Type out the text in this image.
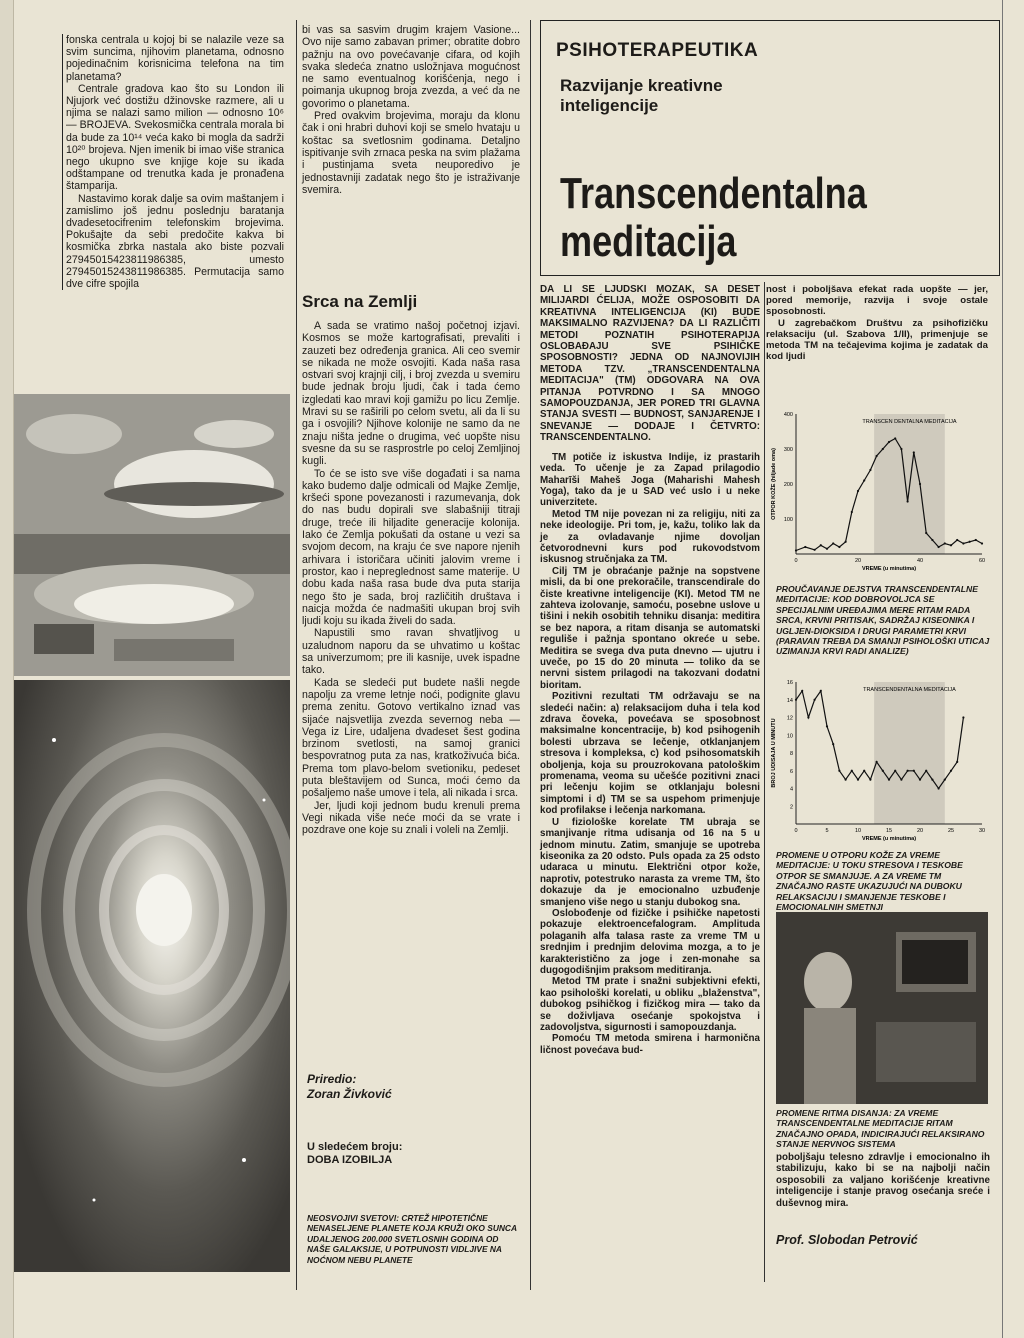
fonska centrala u kojoj bi se nalazile veze sa svim suncima, njihovim planetama, odnosno pojedinačnim korisnicima telefona na tim planetama?

Centrale gradova kao što su London ili Njujork već dostižu džinovske razmere, ali u njima se nalazi samo milion — odnosno 10⁶ — BROJEVA. Svekosmička centrala morala bi da bude za 10¹⁴ veća kako bi mogla da sadrži 10²⁰ brojeva. Njen imenik bi imao više stranica nego ukupno sve knjige koje su ikada odštampane od trenutka kada je pronađena štamparija.

Nastavimo korak dalje sa ovim maštanjem i zamislimo još jednu poslednju baratanja dvadesetocifrenim telefonskim brojevima. Pokušajte da sebi predočite kakva bi kosmička zbrka nastala ako biste pozvali 27945015423811986385, umesto 27945015243811986385. Permutacija samo dve cifre spojila

bi vas sa sasvim drugim krajem Vasione... Ovo nije samo zabavan primer; obratite dobro pažnju na ovo povećavanje cifara, od kojih svaka sledeća znatno usložnjava mogućnost ne samo eventualnog korišćenja, nego i poimanja ukupnog broja zvezda, a već da ne govorimo o planetama.

Pred ovakvim brojevima, moraju da klonu čak i oni hrabri duhovi koji se smelo hvataju u koštac sa svetlosnim godinama. Detaljno ispitivanje svih zrnaca peska na svim plažama i pustinjama sveta neuporedivo je jednostavniji zadatak nego što je istraživanje svemira.

Srca na Zemlji

A sada se vratimo našoj početnoj izjavi. Kosmos se može kartografisati, prevaliti i zauzeti bez određenja granica. Ali ceo svemir se nikada ne može osvojiti. Kada naša rasa ostvari svoj krajnji cilj, i broj zvezda u svemiru bude jednak broju ljudi, čak i tada ćemo izgledati kao mravi koji gamižu po licu Zemlje. Mravi su se raširili po celom svetu, ali da li su ga i osvojili? Njihove kolonije ne samo da ne znaju ništa jedne o drugima, već uopšte nisu svesne da su se rasprostrle po celoj Zemljinoj kugli.

To će se isto sve više događati i sa nama kako budemo dalje odmicali od Majke Zemlje, kršeći spone povezanosti i razumevanja, dok do nas budu dopirali sve slabašniji titraji druge, treće ili hiljadite generacije kolonija. Iako će Zemlja pokušati da ostane u vezi sa svojom decom, na kraju će sve napore njenih arhivara i istoričara učiniti jalovim vreme i prostor, kao i nepreglednost same materije. U dobu kada naša rasa bude dva puta starija nego što je sada, broj različitih društava i naicja možda će nadmašiti ukupan broj svih ljudi koju su ikada živeli do sada.

Napustili smo ravan shvatljivog u uzaludnom naporu da se uhvatimo u koštac sa univerzumom; pre ili kasnije, uvek ispadne tako.

Kada se sledeći put budete našli negde napolju za vreme letnje noći, podignite glavu prema zenitu. Gotovo vertikalno iznad vas sijaće najsvetlija zvezda severnog neba — Vega iz Lire, udaljena dvadeset šest godina brzinom svetlosti, na samoj granici bespovratnog puta za nas, kratkoživuća bića. Prema tom plavo-belom svetioniku, pedeset puta bleštavijem od Sunca, moći ćemo da pošaljemo naše umove i tela, ali nikada i srca.

Jer, ljudi koji jednom budu krenuli prema Vegi nikada više neće moći da se vrate i pozdrave one koje su znali i voleli na Zemlji.

Priredio:
Zoran Živković
U sledećem broju:
DOBA IZOBILJA
NEOSVOJIVI SVETOVI: CRTEŽ HIPOTETIČNE NENASELJENE PLANETE KOJA KRUŽI OKO SUNCA UDALJENOG 200.000 SVETLOSNIH GODINA OD NAŠE GALAKSIJE, U POTPUNOSTI VIDLJIVE NA NOĆNOM NEBU PLANETE
PSIHOTERAPEUTIKA
Razvijanje kreativne inteligencije
Transcendentalna
meditacija

DA LI SE LJUDSKI MOZAK, SA DESET MILIJARDI ĆELIJA, MOŽE OSPOSOBITI DA KREATIVNA INTELIGENCIJA (KI) BUDE MAKSIMALNO RAZVIJENA? DA LI RAZLIČITI METODI POZNATIH PSIHOTERAPIJA OSLOBAĐAJU SVE PSIHIČKE SPOSOBNOSTI? JEDNA OD NAJNOVIJIH METODA TZV. „TRANSCENDENTALNA MEDITACIJA" (TM) ODGOVARA NA OVA PITANJA POTVRDNO I SA MNOGO SAMOPOUZDANJA, JER PORED TRI GLAVNA STANJA SVESTI — BUDNOST, SANJARENJE I SNEVANJE — DODAJE I ČETVRTO: TRANSCENDENTALNO.

TM potiče iz iskustva Indije, iz prastarih veda. To učenje je za Zapad prilagodio Maharīši Maheš Joga (Maharishi Mahesh Yoga), tako da je u SAD već uslo i u neke univerzitete.

Metod TM nije povezan ni za religiju, niti za neke ideologije. Pri tom, je, kažu, toliko lak da je za ovladavanje njime dovoljan četvorodnevni kurs pod rukovodstvom iskusnog stručnjaka za TM.

Cilj TM je obraćanje pažnje na sopstvene misli, da bi one prekoračile, transcendirale do čiste kreativne inteligencije (KI). Metod TM ne zahteva izolovanje, samoću, posebne uslove u tišini i nekih osobitih tehniku disanja: meditira se bez napora, a ritam disanja se automatski reguliše i pažnja spontano okreće u sebe. Meditira se svega dva puta dnevno — ujutru i uveče, po 15 do 20 minuta — toliko da se nervni sistem prilagodi na takozvani dodatni bioritam.

Pozitivni rezultati TM održavaju se na sledeći način: a) relaksacijom duha i tela kod zdrava čoveka, povećava se sposobnost maksimalne koncentracije, b) kod psihogenih bolesti ubrzava se lečenje, otklanjanjem stresova i kompleksa, c) kod psihosomatskih oboljenja, koja su prouzrokovana patološkim promenama, veoma su učešće pozitivni znaci pri lečenju kojim se otklanjaju bolesni simptomi i d) TM se sa uspehom primenjuje kod profilakse i lečenja narkomana.

U fiziološke korelate TM ubraja se smanjivanje ritma udisanja od 16 na 5 u jednom minutu. Zatim, smanjuje se upotreba kiseonika za 20 odsto. Puls opada za 25 odsto udaraca u minutu. Električni otpor kože, naprotiv, potestruko narasta za vreme TM, što dokazuje da je emocionalno uzbuđenje smanjeno više nego u stanju dubokog sna.

Oslobođenje od fizičke i psihičke napetosti pokazuje elektroencefalogram. Amplituda polaganih alfa talasa raste za vreme TM u srednjim i prednjim delovima mozga, a to je karakteristično za joge i zen-monahe sa dugogodišnjim praksom meditiranja.

Metod TM prate i snažni subjektivni efekti, kao psihološki korelati, u obliku „blaženstva", dubokog psihičkog i fizičkog mira — tako da se doživljava osećanje spokojstva i zadovoljstva, sigurnosti i samopouzdanja.

Pomoću TM metoda smirena i harmonična ličnost povećava bud-

nost i poboljšava efekat rada uopšte — jer, pored memorije, razvija i svoje ostale sposobnosti.

U zagrebačkom Društvu za psihofizičku relaksaciju (ul. Szabova 1/II), primenjuje se metoda TM na tečajevima kojima je zadatak da kod ljudi

TRANSCEN DENTALNA MEDITACIJA
100
200
300
400
0	20	40	60
VREME (u minutima)
OTPOR KOŽE (hiljade oma)
PROUČAVANJE DEJSTVA TRANSCENDENTALNE MEDITACIJE: KOD DOBROVOLJCA SE SPECIJALNIM UREĐAJIMA MERE RITAM RADA SRCA, KRVNI PRITISAK, SADRŽAJ KISEONIKA I UGLJEN-DIOKSIDA I DRUGI PARAMETRI KRVI (PARAVAN TREBA DA SMANJI PSIHOLOŠKI UTICAJ UZIMANJA KRVI RADI ANALIZE)
TRANSCENDENTALNA MEDITACIJA
2
4
6
8
10
12
14
16
0	5	10	15	20	25	30
VREME (u minutima)
BROJ UDISAJA U MINUTU
PROMENE U OTPORU KOŽE ZA VREME MEDITACIJE: U TOKU STRESOVA I TESKOBE OTPOR SE SMANJUJE. A ZA VREME TM ZNAČAJNO RASTE UKAZUJUĆI NA DUBOKU RELAKSACIJU I SMANJENJE TESKOBE I EMOCIONALNIH SMETNJI
PROMENE RITMA DISANJA: ZA VREME TRANSCENDENTALNE MEDITACIJE RITAM ZNAČAJNO OPADA, INDICIRAJUĆI RELAKSIRANO STANJE NERVNOG SISTEMA
poboljšaju telesno zdravlje i emocionalno ih stabilizuju, kako bi se na najbolji način osposobili za valjano korišćenje kreativne inteligencije i stanje pravog osećanja sreće i duševnog mira.
Prof. Slobodan Petrović
